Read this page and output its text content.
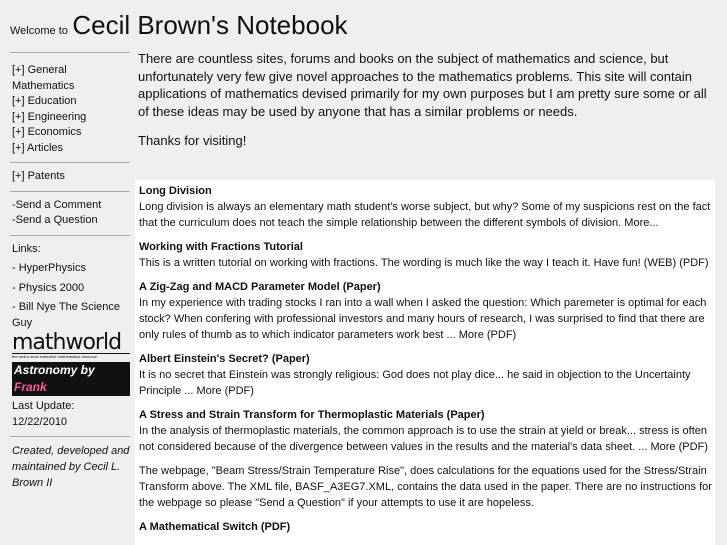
Welcome to Cecil Brown's Notebook
[+] General Mathematics
[+] Education
[+] Engineering
[+] Economics
[+] Articles
[+] Patents
-Send a Comment
-Send a Question
Links:
- HyperPhysics
- Physics 2000
- Bill Nye The Science Guy
mathworld
the web's most extensive mathematics resource
Astronomy by Frank
Last Update:
12/22/2010
Created, developed and maintained by Cecil L. Brown II

There are countless sites, forums and books on the subject of mathematics and science, but unfortunately very few give novel approaches to the mathematics problems. This site will contain applications of mathematics devised primarily for my own purposes but I am pretty sure some or all of these ideas may be used by anyone that has a similar problems or needs.

Thanks for visiting!

Long Division

Long division is always an elementary math student's worse subject, but why? Some of my suspicions rest on the fact that the curriculum does not teach the simple relationship between the different symbols of division. More...

Working with Fractions Tutorial

This is a written tutorial on working with fractions. The wording is much like the way I teach it. Have fun! (WEB) (PDF)

A Zig-Zag and MACD Parameter Model (Paper)

In my experience with trading stocks I ran into a wall when I asked the question: Which paremeter is optimal for each stock? When confering with professional investors and many hours of research, I was surprised to find that there are only rules of thumb as to which indicator parameters work best ... More (PDF)

Albert Einstein's Secret? (Paper)

It is no secret that Einstein was strongly religious: God does not play dice... he said in objection to the Uncertainty Principle ... More (PDF)

A Stress and Strain Transform for Thermoplastic Materials (Paper)

In the analysis of thermoplastic materials, the common approach is to use the strain at yield or break... stress is often not considered because of the divergence between values in the results and the material's data sheet. ... More (PDF)

The webpage, "Beam Stress/Strain Temperature Rise", does calculations for the equations used for the Stress/Strain Transform above. The XML file, BASF_A3EG7.XML, contains the data used in the paper. There are no instructions for the webpage so please "Send a Question" if your attempts to use it are hopeless.

A Mathematical Switch (PDF)
